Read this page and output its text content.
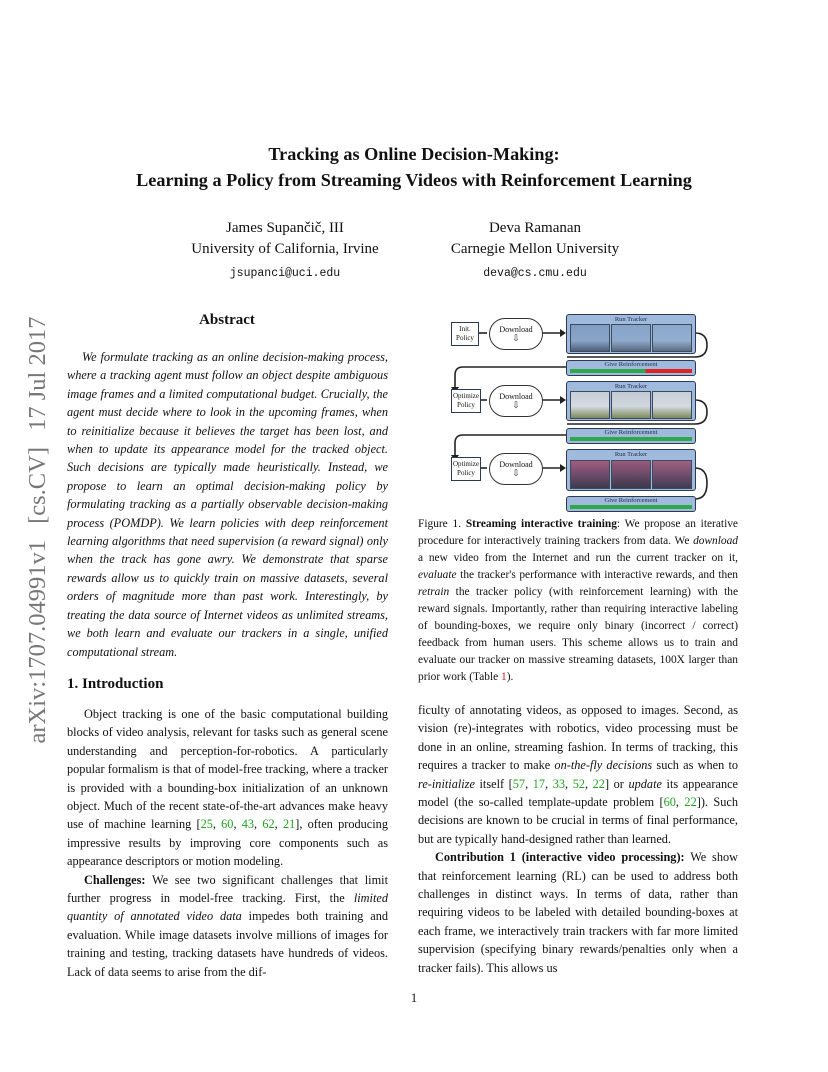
arXiv:1707.04991v1 [cs.CV] 17 Jul 2017
Tracking as Online Decision-Making:
Learning a Policy from Streaming Videos with Reinforcement Learning
James Supančič, III
University of California, Irvine
jsupanci@uci.edu
Deva Ramanan
Carnegie Mellon University
deva@cs.cmu.edu
Abstract
We formulate tracking as an online decision-making process, where a tracking agent must follow an object despite ambiguous image frames and a limited computational budget. Crucially, the agent must decide where to look in the upcoming frames, when to reinitialize because it believes the target has been lost, and when to update its appearance model for the tracked object. Such decisions are typically made heuristically. Instead, we propose to learn an optimal decision-making policy by formulating tracking as a partially observable decision-making process (POMDP). We learn policies with deep reinforcement learning algorithms that need supervision (a reward signal) only when the track has gone awry. We demonstrate that sparse rewards allow us to quickly train on massive datasets, several orders of magnitude more than past work. Interestingly, by treating the data source of Internet videos as unlimited streams, we both learn and evaluate our trackers in a single, unified computational stream.
Init. Policy
Download
⇩
Run Tracker
Give Reinforcement
Optimize Policy
Download
⇩
Run Tracker
Give Reinforcement
Optimize Policy
Download
⇩
Run Tracker
Give Reinforcement
Figure 1. Streaming interactive training: We propose an iterative procedure for interactively training trackers from data. We download a new video from the Internet and run the current tracker on it, evaluate the tracker's performance with interactive rewards, and then retrain the tracker policy (with reinforcement learning) with the reward signals. Importantly, rather than requiring interactive labeling of bounding-boxes, we require only binary (incorrect / correct) feedback from human users. This scheme allows us to train and evaluate our tracker on massive streaming datasets, 100X larger than prior work (Table 1).
1. Introduction

Object tracking is one of the basic computational building blocks of video analysis, relevant for tasks such as general scene understanding and perception-for-robotics. A particularly popular formalism is that of model-free tracking, where a tracker is provided with a bounding-box initialization of an unknown object. Much of the recent state-of-the-art advances make heavy use of machine learning [25, 60, 43, 62, 21], often producing impressive results by improving core components such as appearance descriptors or motion modeling.

Challenges: We see two significant challenges that limit further progress in model-free tracking. First, the limited quantity of annotated video data impedes both training and evaluation. While image datasets involve millions of images for training and testing, tracking datasets have hundreds of videos. Lack of data seems to arise from the dif-

ficulty of annotating videos, as opposed to images. Second, as vision (re)-integrates with robotics, video processing must be done in an online, streaming fashion. In terms of tracking, this requires a tracker to make on-the-fly decisions such as when to re-initialize itself [57, 17, 33, 52, 22] or update its appearance model (the so-called template-update problem [60, 22]). Such decisions are known to be crucial in terms of final performance, but are typically hand-designed rather than learned.

Contribution 1 (interactive video processing): We show that reinforcement learning (RL) can be used to address both challenges in distinct ways. In terms of data, rather than requiring videos to be labeled with detailed bounding-boxes at each frame, we interactively train trackers with far more limited supervision (specifying binary rewards/penalties only when a tracker fails). This allows us

1
